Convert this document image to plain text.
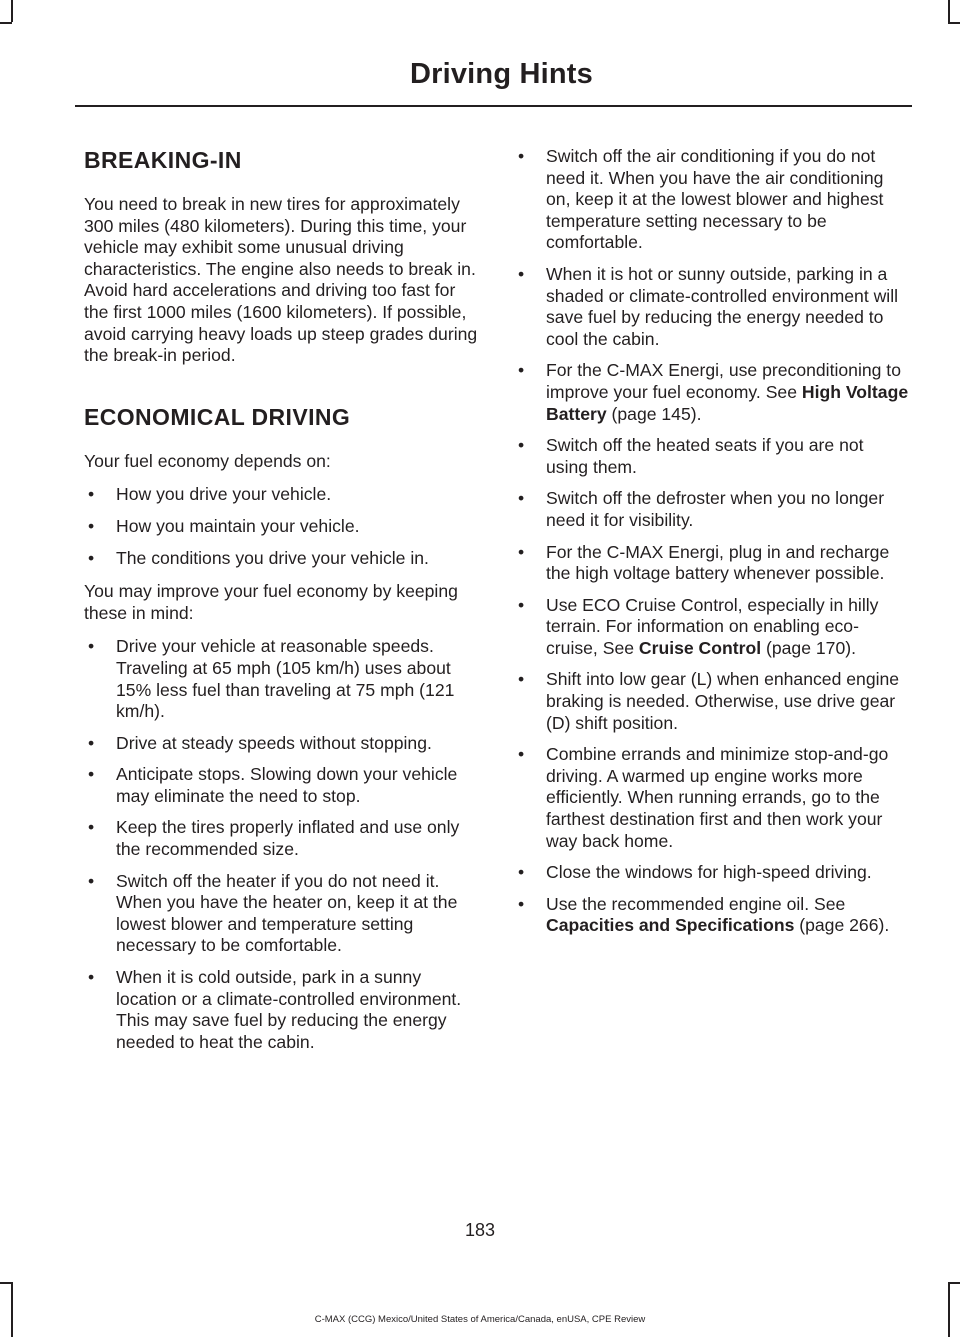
Driving Hints
BREAKING-IN

You need to break in new tires for approximately 300 miles (480 kilometers). During this time, your vehicle may exhibit some unusual driving characteristics. The engine also needs to break in. Avoid hard accelerations and driving too fast for the first 1000 miles (1600 kilometers). If possible, avoid carrying heavy loads up steep grades during the break-in period.

ECONOMICAL DRIVING

Your fuel economy depends on:

• How you drive your vehicle.
• How you maintain your vehicle.
• The conditions you drive your vehicle in.

You may improve your fuel economy by keeping these in mind:

• Drive your vehicle at reasonable speeds. Traveling at 65 mph (105 km/h) uses about 15% less fuel than traveling at 75 mph (121 km/h).
• Drive at steady speeds without stopping.
• Anticipate stops. Slowing down your vehicle may eliminate the need to stop.
• Keep the tires properly inflated and use only the recommended size.
• Switch off the heater if you do not need it. When you have the heater on, keep it at the lowest blower and temperature setting necessary to be comfortable.
• When it is cold outside, park in a sunny location or a climate-controlled environment. This may save fuel by reducing the energy needed to heat the cabin.
• Switch off the air conditioning if you do not need it. When you have the air conditioning on, keep it at the lowest blower and highest temperature setting necessary to be comfortable.
• When it is hot or sunny outside, parking in a shaded or climate-controlled environment will save fuel by reducing the energy needed to cool the cabin.
• For the C-MAX Energi, use preconditioning to improve your fuel economy. See High Voltage Battery (page 145).
• Switch off the heated seats if you are not using them.
• Switch off the defroster when you no longer need it for visibility.
• For the C-MAX Energi, plug in and recharge the high voltage battery whenever possible.
• Use ECO Cruise Control, especially in hilly terrain. For information on enabling eco-cruise, See Cruise Control (page 170).
• Shift into low gear (L) when enhanced engine braking is needed. Otherwise, use drive gear (D) shift position.
• Combine errands and minimize stop-and-go driving. A warmed up engine works more efficiently. When running errands, go to the farthest destination first and then work your way back home.
• Close the windows for high-speed driving.
• Use the recommended engine oil. See Capacities and Specifications (page 266).
183
C-MAX (CCG) Mexico/United States of America/Canada, enUSA, CPE Review
